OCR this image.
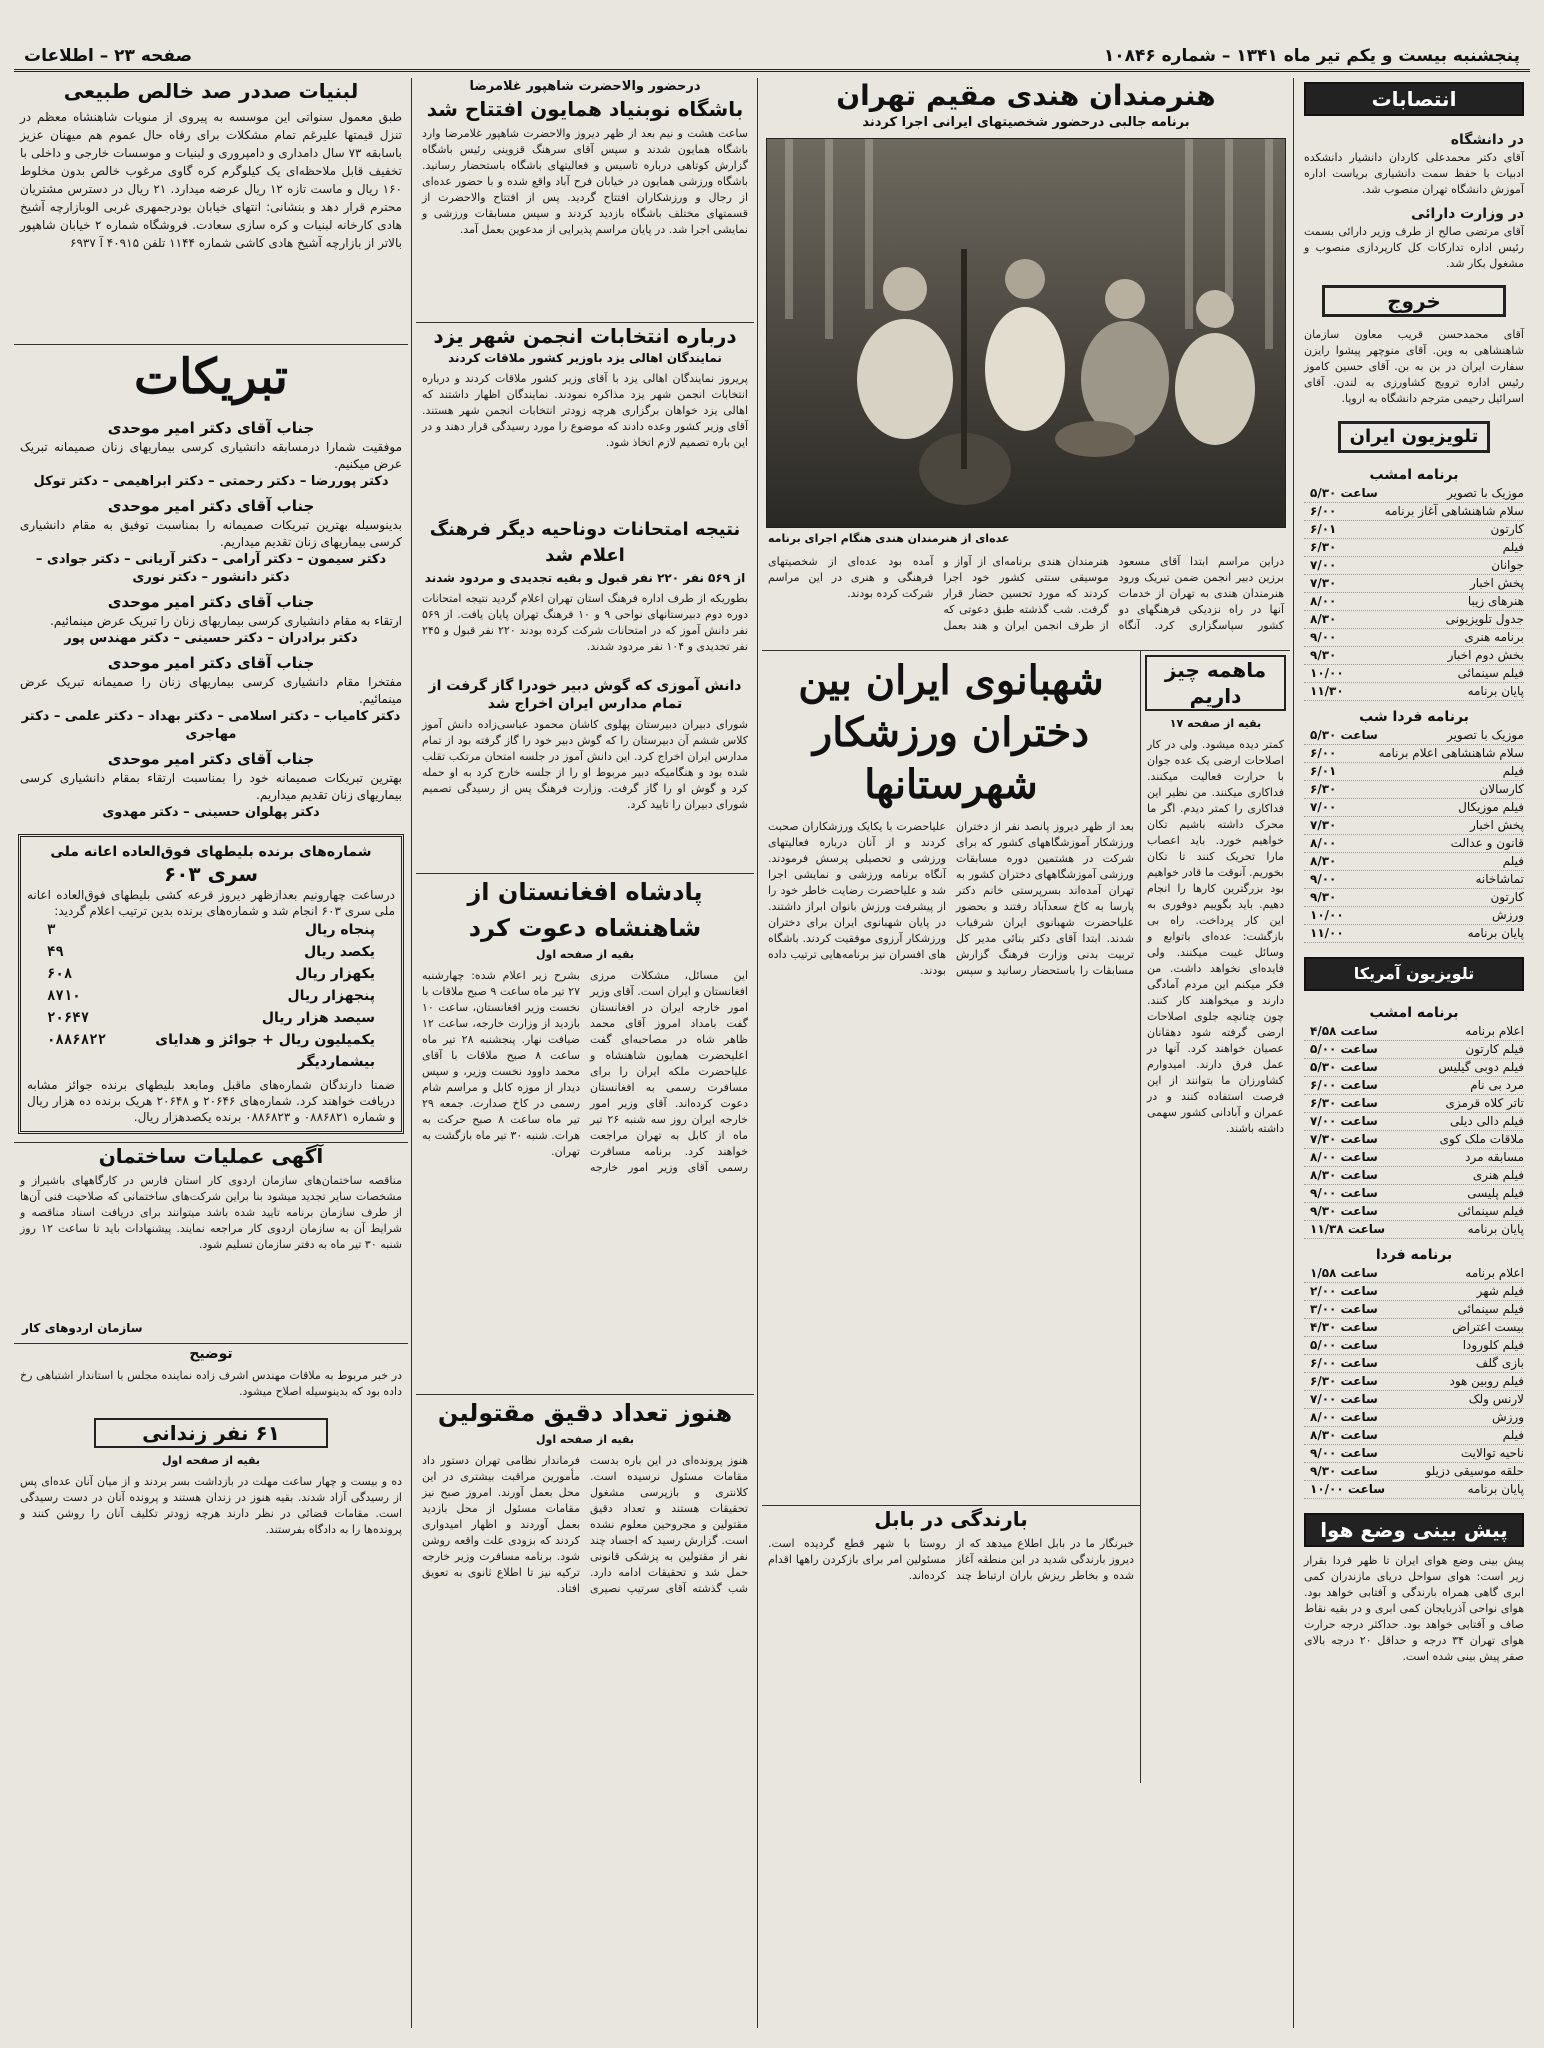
پنجشنبه بیست و یکم تیر ماه ۱۳۴۱ – شماره ۱۰۸۴۶
صفحه ۲۳ – اطلاعات
انتصابات
در دانشگاه

آقای دکتر محمدعلی کاردان دانشیار دانشکده ادبیات با حفظ سمت دانشیاری بریاست اداره آموزش دانشگاه تهران منصوب شد.

در وزارت دارائی

آقای مرتضی صالح از طرف وزیر دارائی بسمت رئیس اداره تدارکات کل کارپردازی منصوب و مشغول بکار شد.

خروج
آقای محمدحسن قریب معاون سازمان شاهنشاهی به وین. آقای منوچهر پیشوا رایزن سفارت ایران در بن به بن. آقای حسین کاموز رئیس اداره ترویج کشاورزی به لندن. آقای اسرائیل رحیمی مترجم دانشگاه به اروپا.
تلویزیون ایران
برنامه امشب
موزیک با تصویر
ساعت ۵/۳۰
سلام شاهنشاهی آغاز برنامه
۶/۰۰
کارتون
۶/۰۱
فیلم
۶/۳۰
جوانان
۷/۰۰
پخش اخبار
۷/۳۰
هنرهای زیبا
۸/۰۰
جدول تلویزیونی
۸/۳۰
برنامه هنری
۹/۰۰
بخش دوم اخبار
۹/۳۰
فیلم سینمائی
۱۰/۰۰
پایان برنامه
۱۱/۳۰
برنامه فردا شب
موزیک با تصویر
ساعت ۵/۳۰
سلام شاهنشاهی اعلام برنامه
۶/۰۰
فیلم
۶/۰۱
کارسالان
۶/۳۰
فیلم موزیکال
۷/۰۰
پخش اخبار
۷/۳۰
قانون و عدالت
۸/۰۰
فیلم
۸/۳۰
تماشاخانه
۹/۰۰
کارتون
۹/۳۰
ورزش
۱۰/۰۰
پایان برنامه
۱۱/۰۰
تلویزیون آمریکا
برنامه امشب
اعلام برنامه
ساعت ۴/۵۸
فیلم کارتون
ساعت ۵/۰۰
فیلم دوبی گیلیس
ساعت ۵/۳۰
مرد بی نام
ساعت ۶/۰۰
تاتر کلاه قرمزی
ساعت ۶/۳۰
فیلم دالی دیلی
ساعت ۷/۰۰
ملاقات ملک کوی
ساعت ۷/۳۰
مسابقه مرد
ساعت ۸/۰۰
فیلم هنری
ساعت ۸/۳۰
فیلم پلیسی
ساعت ۹/۰۰
فیلم سینمائی
ساعت ۹/۳۰
پایان برنامه
ساعت ۱۱/۳۸
برنامه فردا
اعلام برنامه
ساعت ۱/۵۸
فیلم شهر
ساعت ۲/۰۰
فیلم سینمائی
ساعت ۳/۰۰
بیست اعتراض
ساعت ۴/۳۰
فیلم کلورودا
ساعت ۵/۰۰
بازی گلف
ساعت ۶/۰۰
فیلم روبین هود
ساعت ۶/۳۰
لارنس ولک
ساعت ۷/۰۰
ورزش
ساعت ۸/۰۰
فیلم
ساعت ۸/۳۰
ناحیه توالایت
ساعت ۹/۰۰
حلقه موسیقی دزیلو
ساعت ۹/۳۰
پایان برنامه
ساعت ۱۰/۰۰
پیش بینی وضع هوا
پیش بینی وضع هوای ایران تا ظهر فردا بقرار زیر است: هوای سواحل دریای مازندران کمی ابری گاهی همراه بارندگی و آفتابی خواهد بود. هوای نواحی آذربایجان کمی ابری و در بقیه نقاط صاف و آفتابی خواهد بود. حداکثر درجه حرارت هوای تهران ۳۴ درجه و حداقل ۲۰ درجه بالای صفر پیش بینی شده است.
هنرمندان هندی مقیم تهران
برنامه جالبی درحضور شخصیتهای ایرانی اجرا کردند
عده‌ای از هنرمندان هندی هنگام اجرای برنامه
دراین مراسم ابتدا آقای مسعود برزین دبیر انجمن ضمن تبریک ورود هنرمندان هندی به تهران از خدمات آنها در راه نزدیکی فرهنگهای دو کشور سپاسگزاری کرد. آنگاه هنرمندان هندی برنامه‌ای از آواز و موسیقی سنتی کشور خود اجرا کردند که مورد تحسین حضار قرار گرفت. شب گذشته طبق دعوتی که از طرف انجمن ایران و هند بعمل آمده بود عده‌ای از شخصیتهای فرهنگی و هنری در این مراسم شرکت کرده بودند.
ماهمه چیز داریم
بقیه از صفحه ۱۷
کمتر دیده میشود. ولی در کار اصلاحات ارضی یک عده جوان با حرارت فعالیت میکنند. فداکاری میکنند. من نظیر این فداکاری را کمتر دیدم. اگر ما محرک داشته باشیم تکان خواهیم خورد. باید اعصاب مارا تحریک کنند تا تکان بخوریم. آنوقت ما قادر خواهیم بود بزرگترین کارها را انجام دهیم. باید بگوییم دوفوری به این کار پرداخت. راه بی بازگشت: عده‌ای باتوابع و وسائل غیبت میکنند. ولی فایده‌ای نخواهد داشت. من فکر میکنم این مردم آمادگی دارند و میخواهند کار کنند. چون چنانچه جلوی اصلاحات ارضی گرفته شود دهقانان عصیان خواهند کرد. آنها در عمل فرق دارند. امیدوارم کشاورزان ما بتوانند از این فرصت استفاده کنند و در عمران و آبادانی کشور سهمی داشته باشند.
شهبانوی ایران بین دختران ورزشکار شهرستانها
بعد از ظهر دیروز پانصد نفر از دختران ورزشکار آموزشگاههای کشور که برای شرکت در هشتمین دوره مسابقات ورزشی آموزشگاههای دختران کشور به تهران آمده‌اند بسرپرستی خانم دکتر پارسا به کاخ سعدآباد رفتند و بحضور علیاحضرت شهبانوی ایران شرفیاب شدند. ابتدا آقای دکتر بنائی مدیر کل تربیت بدنی وزارت فرهنگ گزارش مسابقات را باستحضار رسانید و سپس علیاحضرت با یکایک ورزشکاران صحبت کردند و از آنان درباره فعالیتهای ورزشی و تحصیلی پرسش فرمودند. آنگاه برنامه ورزشی و نمایشی اجرا شد و علیاحضرت رضایت خاطر خود را از پیشرفت ورزش بانوان ابراز داشتند. در پایان شهبانوی ایران برای دختران ورزشکار آرزوی موفقیت کردند. باشگاه های افسران نیز برنامه‌هایی ترتیب داده بودند.
بارندگی در بابل
خبرنگار ما در بابل اطلاع میدهد که از دیروز بارندگی شدید در این منطقه آغاز شده و بخاطر ریزش باران ارتباط چند روستا با شهر قطع گردیده است. مسئولین امر برای بازکردن راهها اقدام کرده‌اند.
درحضور والاحضرت شاهپور غلامرضا
باشگاه نوبنیاد همایون افتتاح شد
ساعت هشت و نیم بعد از ظهر دیروز والاحضرت شاهپور غلامرضا وارد باشگاه همایون شدند و سپس آقای سرهنگ قزوینی رئیس باشگاه گزارش کوتاهی درباره تاسیس و فعالیتهای باشگاه باستحضار رسانید. باشگاه ورزشی همایون در خیابان فرح آباد واقع شده و با حضور عده‌ای از رجال و ورزشکاران افتتاح گردید. پس از افتتاح والاحضرت از قسمتهای مختلف باشگاه بازدید کردند و سپس مسابقات ورزشی و نمایشی اجرا شد. در پایان مراسم پذیرایی از مدعوین بعمل آمد.
درباره انتخابات انجمن شهر یزد
نمایندگان اهالی یزد باوزیر کشور ملاقات کردند
پریروز نمایندگان اهالی یزد با آقای وزیر کشور ملاقات کردند و درباره انتخابات انجمن شهر یزد مذاکره نمودند. نمایندگان اظهار داشتند که اهالی یزد خواهان برگزاری هرچه زودتر انتخابات انجمن شهر هستند. آقای وزیر کشور وعده دادند که موضوع را مورد رسیدگی قرار دهند و در این باره تصمیم لازم اتخاذ شود.
نتیجه امتحانات دوناحیه دیگر فرهنگ اعلام شد
از ۵۶۹ نفر ۲۲۰ نفر قبول و بقیه تجدیدی و مردود شدند
بطوریکه از طرف اداره فرهنگ استان تهران اعلام گردید نتیجه امتحانات دوره دوم دبیرستانهای نواحی ۹ و ۱۰ فرهنگ تهران پایان یافت. از ۵۶۹ نفر دانش آموز که در امتحانات شرکت کرده بودند ۲۲۰ نفر قبول و ۲۴۵ نفر تجدیدی و ۱۰۴ نفر مردود شدند.
دانش آموزی که گوش دبیر خودرا گاز گرفت از تمام مدارس ایران اخراج شد
شورای دبیران دبیرستان پهلوی کاشان محمود عباسی‌زاده دانش آموز کلاس ششم آن دبیرستان را که گوش دبیر خود را گاز گرفته بود از تمام مدارس ایران اخراج کرد. این دانش آموز در جلسه امتحان مرتکب تقلب شده بود و هنگامیکه دبیر مربوط او را از جلسه خارج کرد به او حمله کرد و گوش او را گاز گرفت. وزارت فرهنگ پس از رسیدگی تصمیم شورای دبیران را تایید کرد.
پادشاه افغانستان از شاهنشاه دعوت کرد
بقیه از صفحه اول
این مسائل، مشکلات مرزی افغانستان و ایران است. آقای وزیر امور خارجه ایران در افغانستان گفت بامداد امروز آقای محمد ظاهر شاه در مصاحبه‌ای گفت اعلیحضرت همایون شاهنشاه و علیاحضرت ملکه ایران را برای مسافرت رسمی به افغانستان دعوت کرده‌اند. آقای وزیر امور خارجه ایران روز سه شنبه ۲۶ تیر ماه از کابل به تهران مراجعت خواهند کرد. برنامه مسافرت رسمی آقای وزیر امور خارجه بشرح زیر اعلام شده: چهارشنبه ۲۷ تیر ماه ساعت ۹ صبح ملاقات با نخست وزیر افغانستان، ساعت ۱۰ بازدید از وزارت خارجه، ساعت ۱۲ ضیافت نهار. پنجشنبه ۲۸ تیر ماه ساعت ۸ صبح ملاقات با آقای محمد داوود نخست وزیر، و سپس دیدار از موزه کابل و مراسم شام رسمی در کاخ صدارت. جمعه ۲۹ تیر ماه ساعت ۸ صبح حرکت به هرات. شنبه ۳۰ تیر ماه بازگشت به تهران.
هنوز تعداد دقیق مقتولین
بقیه از صفحه اول
هنوز پرونده‌ای در این باره بدست مقامات مسئول نرسیده است. کلانتری و بازپرسی مشغول تحقیقات هستند و تعداد دقیق مقتولین و مجروحین معلوم نشده است. گزارش رسید که اجساد چند نفر از مقتولین به پزشکی قانونی حمل شد و تحقیقات ادامه دارد. شب گذشته آقای سرتیپ نصیری فرماندار نظامی تهران دستور داد مأمورین مراقبت بیشتری در این محل بعمل آورند. امروز صبح نیز مقامات مسئول از محل بازدید بعمل آوردند و اظهار امیدواری کردند که بزودی علت واقعه روشن شود. برنامه مسافرت وزیر خارجه ترکیه نیز تا اطلاع ثانوی به تعویق افتاد.
لبنیات صددر صد خالص طبیعی
طبق معمول سنواتی این موسسه به پیروی از منویات شاهنشاه معظم در تنزل قیمتها علیرغم تمام مشکلات برای رفاه حال عموم هم میهنان عزیز باسابقه ۷۳ سال دامداری و دامپروری و لبنیات و موسسات خارجی و داخلی با تخفیف قابل ملاحظه‌ای یک کیلوگرم کره گاوی مرغوب خالص بدون مخلوط ۱۶۰ ریال و ماست تازه ۱۲ ریال عرضه میدارد. ۲۱ ریال در دسترس مشتریان محترم قرار دهد و بنشانی: انتهای خیابان بودرجمهری غربی الوبازارچه آشیخ هادی کارخانه لبنیات و کره سازی سعادت. فروشگاه شماره ۲ خیابان شاهپور بالاتر از بازارچه آشیخ هادی کاشی شماره ۱۱۴۴ تلفن ۴۰۹۱۵ آ ۶۹۳۷
تبریکات
جناب آقای دکتر امیر موحدی
موفقیت شمارا درمسابقه دانشیاری کرسی بیماریهای زنان صمیمانه تبریک عرض میکنیم.
دکتر پوررضا – دکتر رحمتی – دکتر ابراهیمی – دکتر توکل
جناب آقای دکتر امیر موحدی
بدینوسیله بهترین تبریکات صمیمانه را بمناسبت توفیق به مقام دانشیاری کرسی بیماریهای زنان تقدیم میداریم.
دکتر سیمون – دکتر آرامی – دکتر آریانی – دکتر جوادی – دکتر دانشور – دکتر نوری
جناب آقای دکتر امیر موحدی
ارتقاء به مقام دانشیاری کرسی بیماریهای زنان را تبریک عرض مینمائیم.
دکتر برادران – دکتر حسینی – دکتر مهندس پور
جناب آقای دکتر امیر موحدی
مفتخرا مقام دانشیاری کرسی بیماریهای زنان را صمیمانه تبریک عرض مینمائیم.
دکتر کامیاب – دکتر اسلامی – دکتر بهداد – دکتر علمی – دکتر مهاجری
جناب آقای دکتر امیر موحدی
بهترین تبریکات صمیمانه خود را بمناسبت ارتقاء بمقام دانشیاری کرسی بیماریهای زنان تقدیم میداریم.
دکتر پهلوان حسینی – دکتر مهدوی
شماره‌های برنده بلیطهای فوق‌العاده اعانه ملی
سری ۶۰۳
درساعت چهارونیم بعدازظهر دیروز قرعه کشی بلیطهای فوق‌العاده اعانه ملی سری ۶۰۳ انجام شد و شماره‌های برنده بدین ترتیب اعلام گردید:
پنجاه ریال
۳
یکصد ریال
۴۹
یکهزار ریال
۶۰۸
پنجهزار ریال
۸۷۱۰
سیصد هزار ریال
۲۰۶۴۷
یکمیلیون ریال + جوائز و هدایای بیشماردیگر
۰۸۸۶۸۲۲
ضمنا دارندگان شماره‌های ماقبل ومابعد بلیطهای برنده جوائز مشابه دریافت خواهند کرد. شماره‌های ۲۰۶۴۶ و ۲۰۶۴۸ هریک برنده ده هزار ریال و شماره ۰۸۸۶۸۲۱ و ۰۸۸۶۸۲۳ برنده یکصدهزار ریال.
آگهی عملیات ساختمان
مناقصه ساختمان‌های سازمان اردوی کار استان فارس در کارگاههای باشیراز و مشخصات سایر تجدید میشود بنا براین شرکت‌های ساختمانی که صلاحیت فنی آن‌ها از طرف سازمان برنامه تایید شده باشد میتوانند برای دریافت اسناد مناقصه و شرایط آن به سازمان اردوی کار مراجعه نمایند. پیشنهادات باید تا ساعت ۱۲ روز شنبه ۳۰ تیر ماه به دفتر سازمان تسلیم شود.
سازمان اردوهای کار
توضیح
در خبر مربوط به ملاقات مهندس اشرف زاده نماینده مجلس با استاندار اشتباهی رخ داده بود که بدینوسیله اصلاح میشود.
۶۱ نفر زندانی
بقیه از صفحه اول
ده و بیست و چهار ساعت مهلت در بازداشت بسر بردند و از میان آنان عده‌ای پس از رسیدگی آزاد شدند. بقیه هنوز در زندان هستند و پرونده آنان در دست رسیدگی است. مقامات قضائی در نظر دارند هرچه زودتر تکلیف آنان را روشن کنند و پرونده‌ها را به دادگاه بفرستند.
